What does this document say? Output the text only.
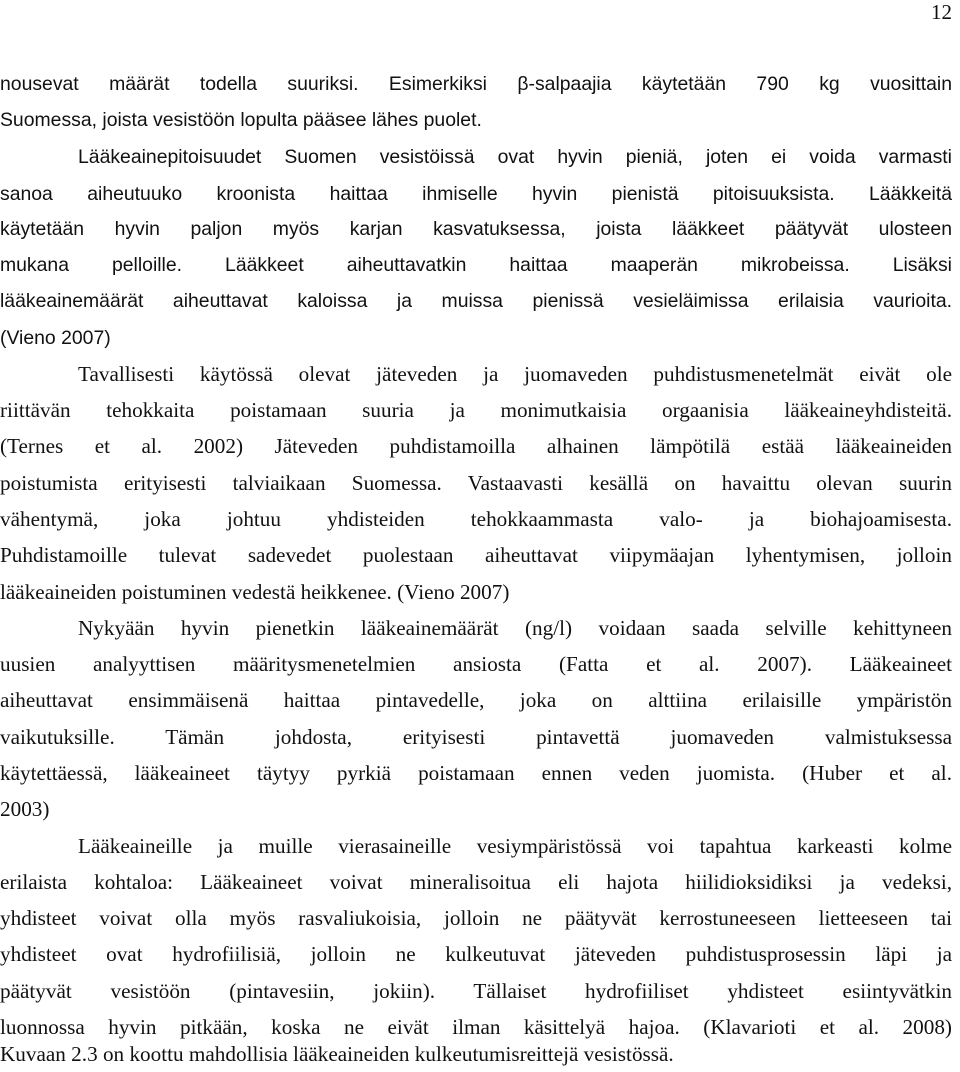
12
nousevat määrät todella suuriksi. Esimerkiksi β-salpaajia käytetään 790 kg vuosittain
Suomessa, joista vesistöön lopulta pääsee lähes puolet.
Lääkeainepitoisuudet Suomen vesistöissä ovat hyvin pieniä, joten ei voida varmasti
sanoa aiheutuuko kroonista haittaa ihmiselle hyvin pienistä pitoisuuksista. Lääkkeitä
käytetään hyvin paljon myös karjan kasvatuksessa, joista lääkkeet päätyvät ulosteen
mukana pelloille. Lääkkeet aiheuttavatkin haittaa maaperän mikrobeissa. Lisäksi
lääkeainemäärät aiheuttavat kaloissa ja muissa pienissä vesieläimissa erilaisia vaurioita.
(Vieno 2007)
Tavallisesti käytössä olevat jäteveden ja juomaveden puhdistusmenetelmät eivät ole
riittävän tehokkaita poistamaan suuria ja monimutkaisia orgaanisia lääkeaineyhdisteitä.
(Ternes et al. 2002) Jäteveden puhdistamoilla alhainen lämpötilä estää lääkeaineiden
poistumista erityisesti talviaikaan Suomessa. Vastaavasti kesällä on havaittu olevan suurin
vähentymä, joka johtuu yhdisteiden tehokkaammasta valo- ja biohajoamisesta.
Puhdistamoille tulevat sadevedet puolestaan aiheuttavat viipymäajan lyhentymisen, jolloin
lääkeaineiden poistuminen vedestä heikkenee. (Vieno 2007)
Nykyään hyvin pienetkin lääkeainemäärät (ng/l) voidaan saada selville kehittyneen
uusien analyyttisen määritysmenetelmien ansiosta (Fatta et al. 2007). Lääkeaineet
aiheuttavat ensimmäisenä haittaa pintavedelle, joka on alttiina erilaisille ympäristön
vaikutuksille. Tämän johdosta, erityisesti pintavettä juomaveden valmistuksessa
käytettäessä, lääkeaineet täytyy pyrkiä poistamaan ennen veden juomista. (Huber et al.
2003)
Lääkeaineille ja muille vierasaineille vesiympäristössä voi tapahtua karkeasti kolme
erilaista kohtaloa: Lääkeaineet voivat mineralisoitua eli hajota hiilidioksidiksi ja vedeksi,
yhdisteet voivat olla myös rasvaliukoisia, jolloin ne päätyvät kerrostuneeseen lietteeseen tai
yhdisteet ovat hydrofiilisiä, jolloin ne kulkeutuvat jäteveden puhdistusprosessin läpi ja
päätyvät vesistöön (pintavesiin, jokiin). Tällaiset hydrofiiliset yhdisteet esiintyvätkin
luonnossa hyvin pitkään, koska ne eivät ilman käsittelyä hajoa. (Klavarioti et al. 2008)
Kuvaan 2.3 on koottu mahdollisia lääkeaineiden kulkeutumisreittejä vesistössä.
